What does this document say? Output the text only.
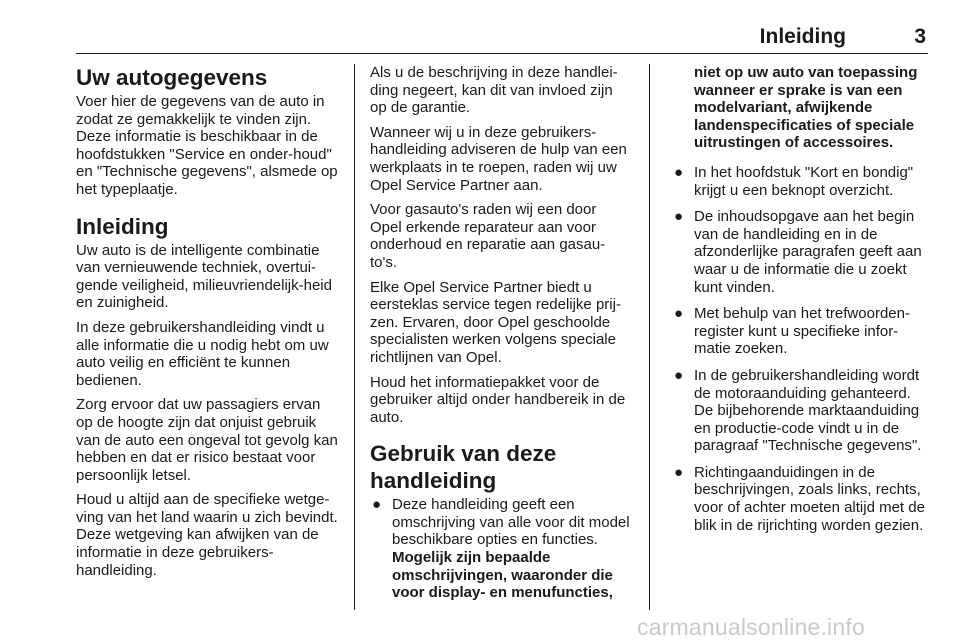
Inleiding	3
Uw autogegevens

Voer hier de gegevens van de auto in zodat ze gemakkelijk te vinden zijn. Deze informatie is beschikbaar in de hoofdstukken "Service en onder-houd" en "Technische gegevens", alsmede op het typeplaatje.

Inleiding

Uw auto is de intelligente combinatie van vernieuwende techniek, overtui-gende veiligheid, milieuvriendelijk-heid en zuinigheid.

In deze gebruikershandleiding vindt u alle informatie die u nodig hebt om uw auto veilig en efficiënt te kunnen bedienen.

Zorg ervoor dat uw passagiers ervan op de hoogte zijn dat onjuist gebruik van de auto een ongeval tot gevolg kan hebben en dat er risico bestaat voor persoonlijk letsel.

Houd u altijd aan de specifieke wetge-ving van het land waarin u zich bevindt. Deze wetgeving kan afwijken van de informatie in deze gebruikers-handleiding.

Als u de beschrijving in deze handlei-ding negeert, kan dit van invloed zijn op de garantie.

Wanneer wij u in deze gebruikers-handleiding adviseren de hulp van een werkplaats in te roepen, raden wij uw Opel Service Partner aan.

Voor gasauto's raden wij een door Opel erkende reparateur aan voor onderhoud en reparatie aan gasau-to's.

Elke Opel Service Partner biedt u eersteklas service tegen redelijke prij-zen. Ervaren, door Opel geschoolde specialisten werken volgens speciale richtlijnen van Opel.

Houd het informatiepakket voor de gebruiker altijd onder handbereik in de auto.

Gebruik van deze handleiding
● Deze handleiding geeft een omschrijving van alle voor dit model beschikbare opties en functies. Mogelijk zijn bepaalde omschrijvingen, waaronder die voor display- en menufuncties,
niet op uw auto van toepassing wanneer er sprake is van een modelvariant, afwijkende landenspecificaties of speciale uitrustingen of accessoires.
● In het hoofdstuk "Kort en bondig" krijgt u een beknopt overzicht.
● De inhoudsopgave aan het begin van de handleiding en in de afzonderlijke paragrafen geeft aan waar u de informatie die u zoekt kunt vinden.
● Met behulp van het trefwoorden-register kunt u specifieke infor-matie zoeken.
● In de gebruikershandleiding wordt de motoraanduiding gehanteerd. De bijbehorende marktaanduiding en productie-code vindt u in de paragraaf "Technische gegevens".
● Richtingaanduidingen in de beschrijvingen, zoals links, rechts, voor of achter moeten altijd met de blik in de rijrichting worden gezien.
carmanualsonline.info
